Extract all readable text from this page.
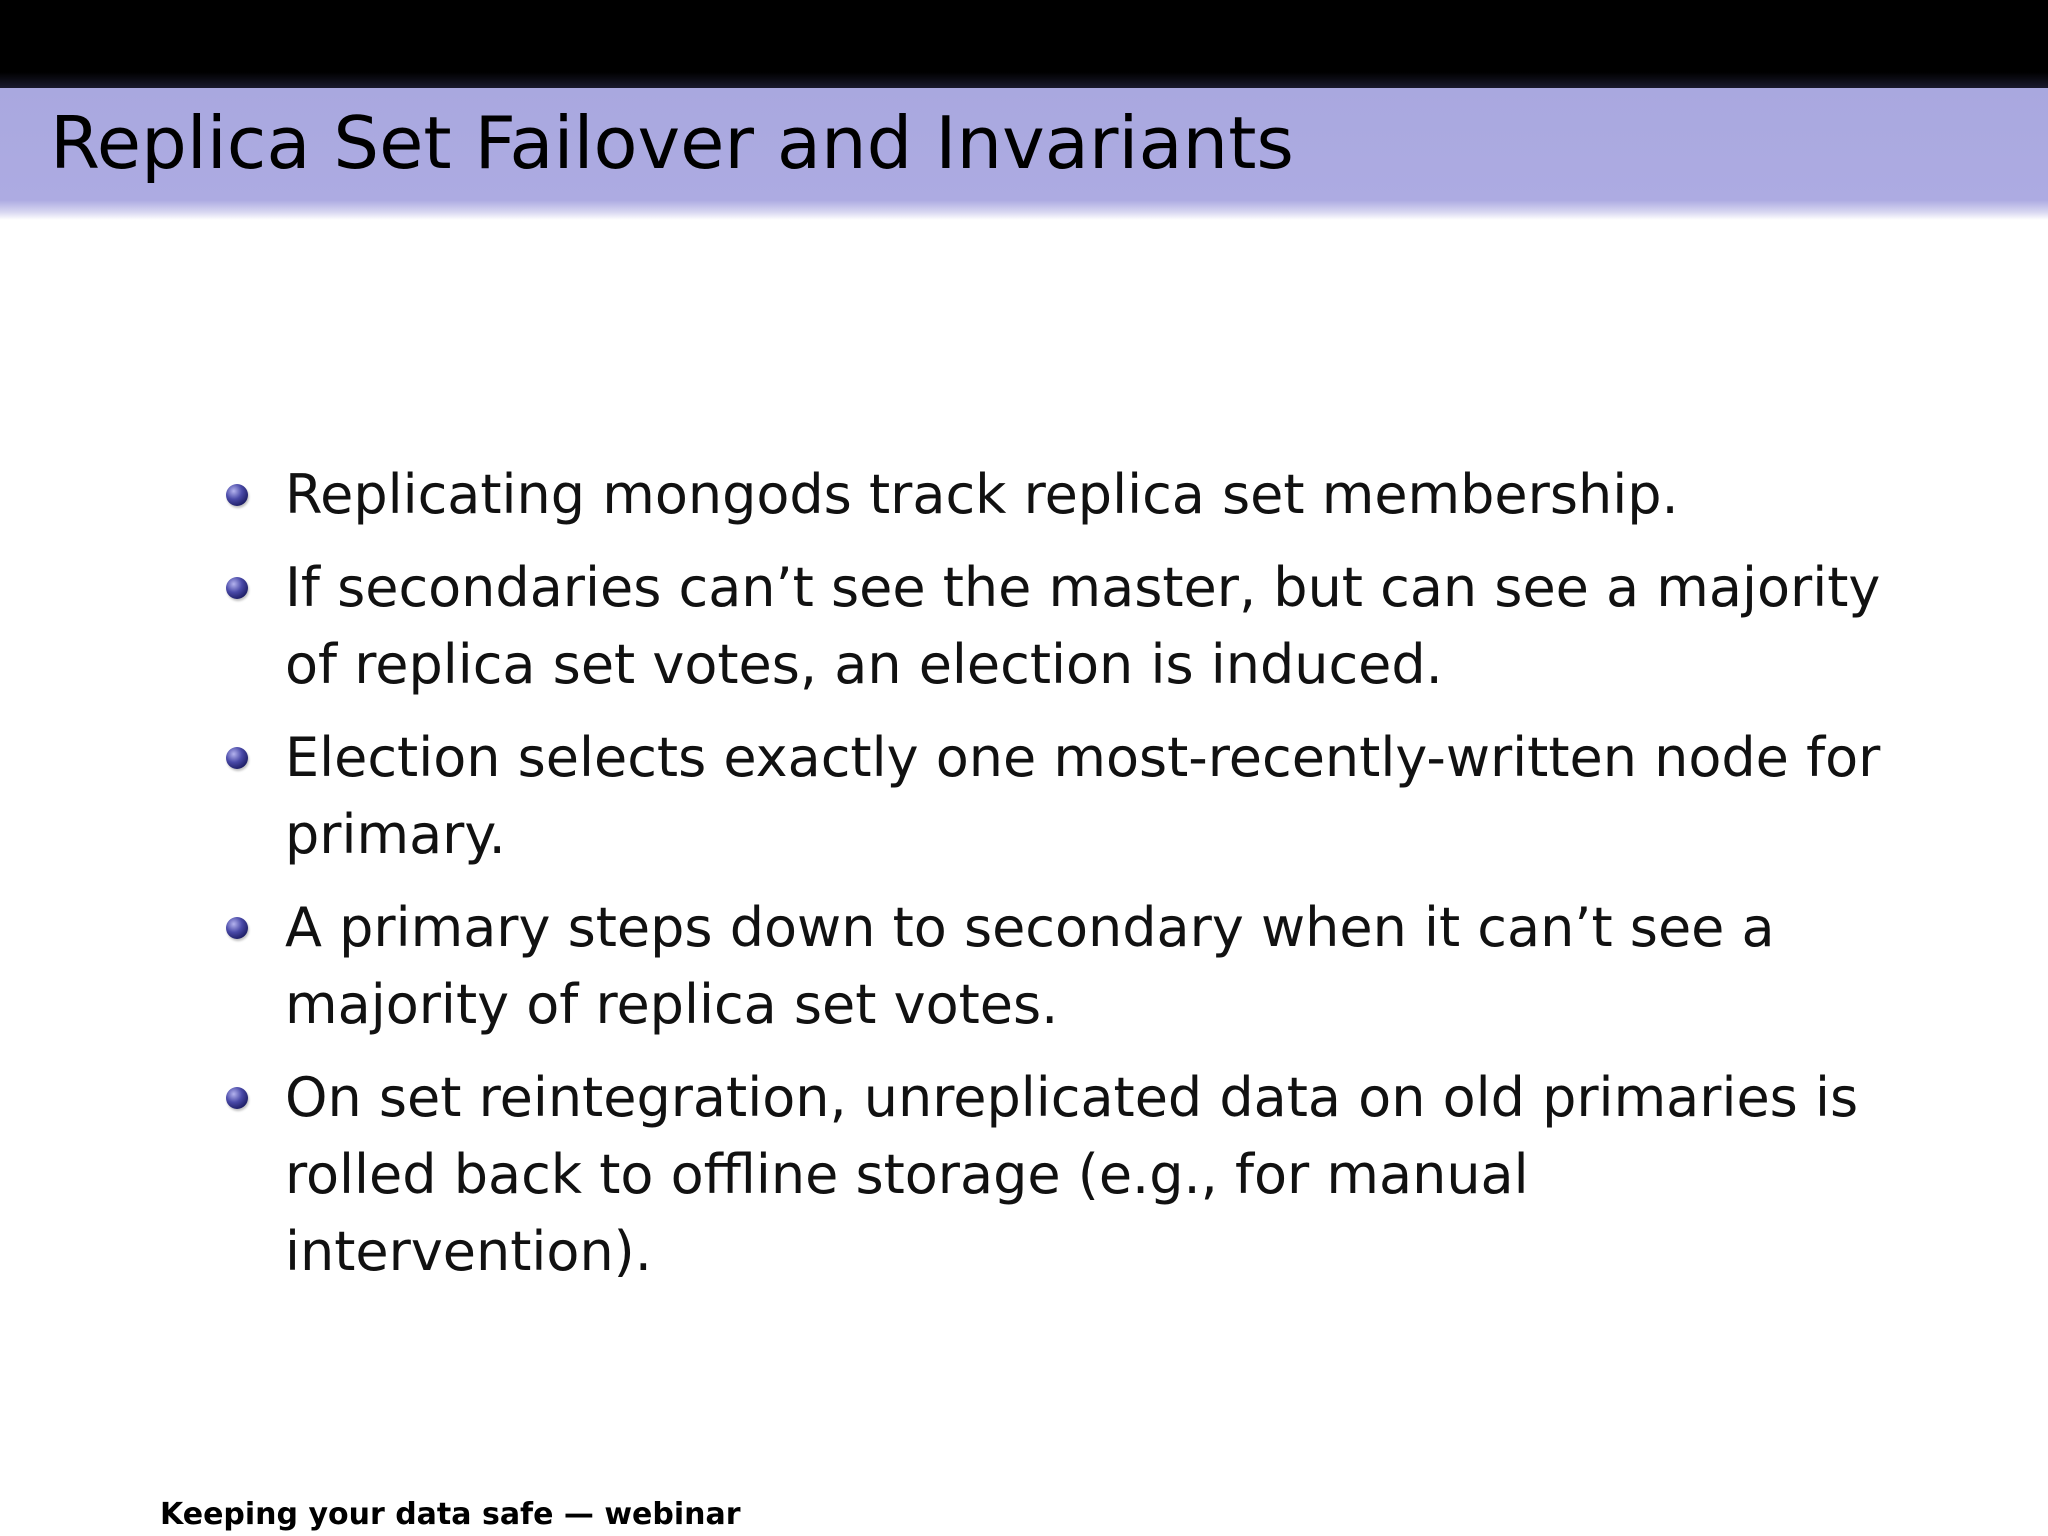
Replica Set Failover and Invariants
Replicating mongods track replica set membership.
If secondaries can’t see the master, but can see a majority of replica set votes, an election is induced.
Election selects exactly one most-recently-written node for primary.
A primary steps down to secondary when it can’t see a majority of replica set votes.
On set reintegration, unreplicated data on old primaries is rolled back to offline storage (e.g., for manual intervention).
Keeping your data safe — webinar
